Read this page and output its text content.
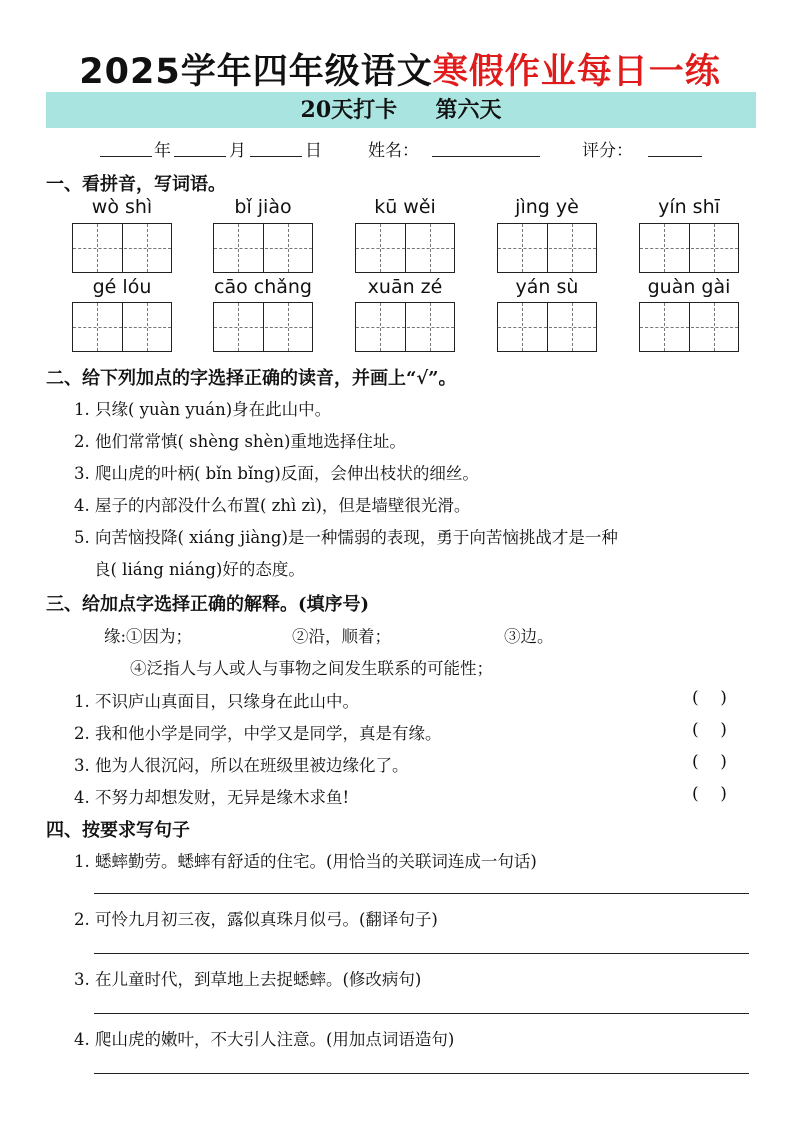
2025学年四年级语文寒假作业每日一练
20天打卡     第六天
年	月	日	姓名：	评分：
一、看拼音，写词语。
wò shì	bǐ jiào	kū wěi	jìng yè	yín shī
gé lóu	cāo chǎng	xuān zé	yán sù	guàn gài
二、给下列加点的字选择正确的读音，并画上“√”。
1. 只缘( yuàn yuán)身在此山中。
2. 他们常常慎( shèng shèn)重地选择住址。
3. 爬山虎的叶柄( bǐn bǐng)反面，会伸出枝状的细丝。
4. 屋子的内部没什么布置( zhì zì)，但是墙壁很光滑。
5. 向苦恼投降( xiáng jiàng)是一种懦弱的表现，勇于向苦恼挑战才是一种
良( liáng niáng)好的态度。
三、给加点字选择正确的解释。(填序号)
缘:①因为；	②沿，顺着；	③边。
④泛指人与人或人与事物之间发生联系的可能性；
1. 不识庐山真面目，只缘身在此山中。	(    )
2. 我和他小学是同学，中学又是同学，真是有缘。	(    )
3. 他为人很沉闷，所以在班级里被边缘化了。	(    )
4. 不努力却想发财，无异是缘木求鱼!	(    )
四、按要求写句子
1. 蟋蟀勤劳。蟋蟀有舒适的住宅。(用恰当的关联词连成一句话)
2. 可怜九月初三夜，露似真珠月似弓。(翻译句子)
3. 在儿童时代，到草地上去捉蟋蟀。(修改病句)
4. 爬山虎的嫩叶，不大引人注意。(用加点词语造句)
